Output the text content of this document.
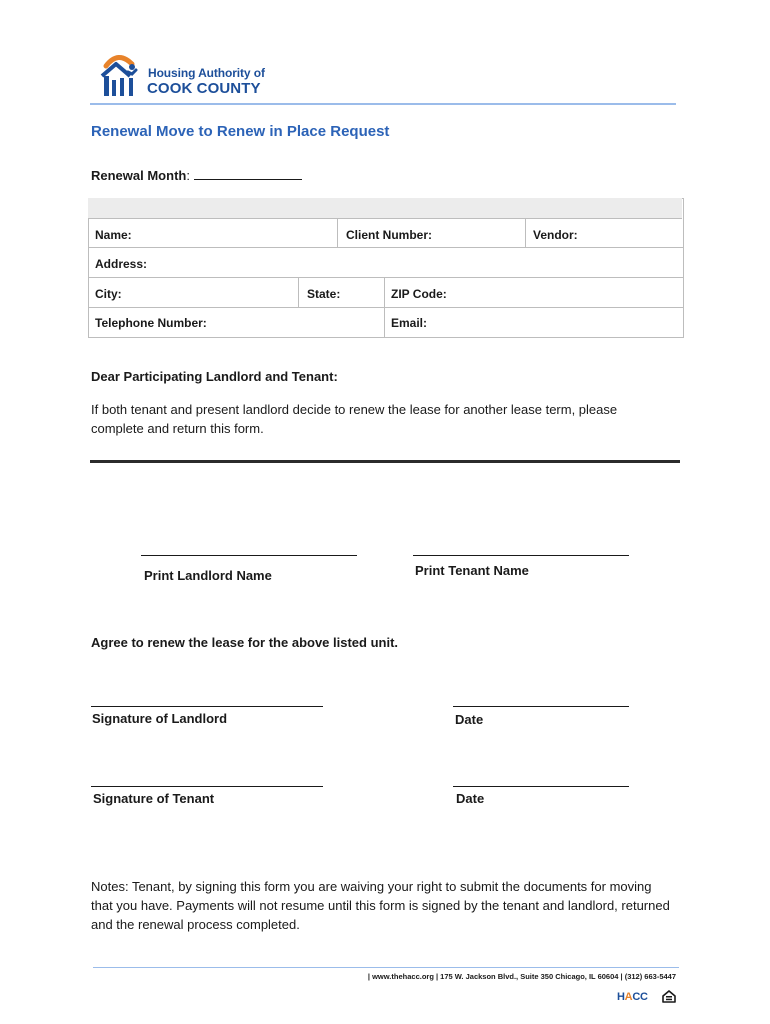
Housing Authority of
COOK COUNTY
Renewal Move to Renew in Place Request
Renewal Month:
Name:	Client Number:	Vendor:
Address:
City:	State:	ZIP Code:
Telephone Number:	Email:
Dear Participating Landlord and Tenant:
If both tenant and present landlord decide to renew the lease for another lease term, please complete and return this form.
Print Landlord Name	Print Tenant Name
Agree to renew the lease for the above listed unit.
Signature of Landlord	Date
Signature of Tenant	Date
Notes: Tenant, by signing this form you are waiving your right to submit the documents for moving that you have. Payments will not resume until this form is signed by the tenant and landlord, returned and the renewal process completed.
| www.thehacc.org | 175 W. Jackson Blvd., Suite 350 Chicago, IL 60604 | (312) 663-5447
HACC
